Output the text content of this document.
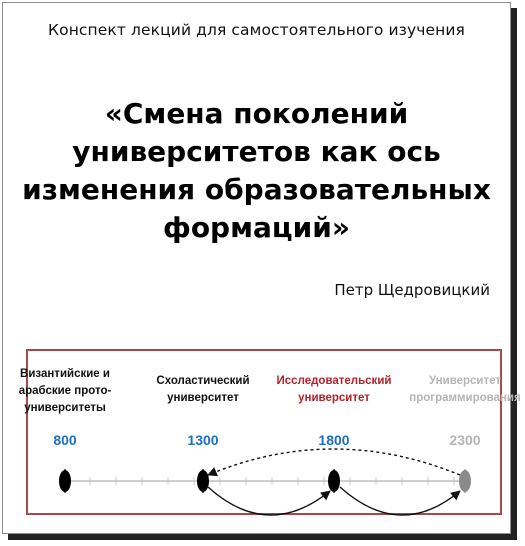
Конспект лекций для самостоятельного изучения
«Смена поколений
университетов как ось
изменения образовательных
формаций»
Петр Щедровицкий
Византийские и
арабские прото-
университеты
800
Схоластический
университет
1300
Исследовательский
университет
1800
Университет
программирования
2300
